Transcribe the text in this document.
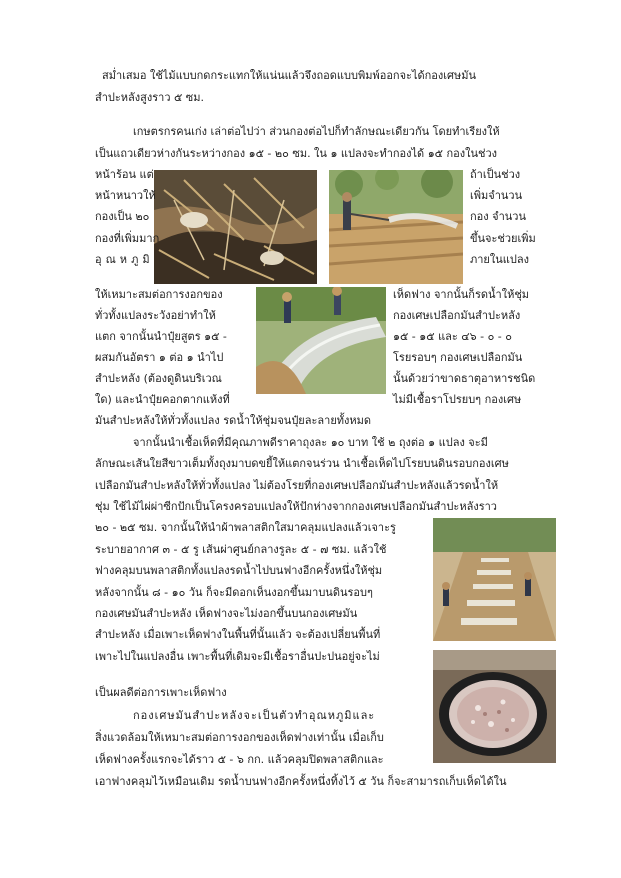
สม่ำเสมอ ใช้ไม้แบบกดกระแทกให้แน่นแล้วจึงถอดแบบพิมพ์ออกจะได้กองเศษมัน
สำปะหลังสูงราว ๕ ซม.
เกษตรกรคนเก่ง เล่าต่อไปว่า ส่วนกองต่อไปก็ทำลักษณะเดียวกัน โดยทำเรียงให้
เป็นแถวเดียวห่างกันระหว่างกอง ๑๕ - ๒๐ ซม. ใน ๑ แปลงจะทำกองได้ ๑๕ กองในช่วง
หน้าร้อน แต่	ถ้าเป็นช่วง
หน้าหนาวให้	เพิ่มจำนวน
กองเป็น ๒๐	กอง จำนวน
กองที่เพิ่มมาก	ขึ้นจะช่วยเพิ่ม
อุณหภูมิ	ภายในแปลง
ให้เหมาะสมต่อการงอกของ	เห็ดฟาง จากนั้นก็รดน้ำให้ชุ่ม
ทั่วทั้งแปลงระวังอย่าทำให้	กองเศษเปลือกมันสำปะหลัง
แตก จากนั้นนำปุ๋ยสูตร ๑๕ -	๑๕ - ๑๕ และ ๔๖ - ๐ - ๐
ผสมกันอัตรา ๑ ต่อ ๑ นำไป	โรยรอบๆ กองเศษเปลือกมัน
สำปะหลัง (ต้องดูดินบริเวณ	นั้นด้วยว่าขาดธาตุอาหารชนิด
ใด) และนำปุ๋ยคอกตากแห้งที่	ไม่มีเชื้อราโปรยบๆ กองเศษ
มันสำปะหลังให้ทั่วทั้งแปลง รดน้ำให้ชุ่มจนปุ๋ยละลายทั้งหมด
จากนั้นนำเชื้อเห็ดที่มีคุณภาพดีราคาถุงละ ๑๐ บาท ใช้ ๒ ถุงต่อ ๑ แปลง จะมี
ลักษณะเส้นใยสีขาวเต็มทั้งถุงมาบดขยี้ให้แตกจนร่วน นำเชื้อเห็ดไปโรยบนดินรอบกองเศษ
เปลือกมันสำปะหลังให้ทั่วทั้งแปลง ไม่ต้องโรยที่กองเศษเปลือกมันสำปะหลังแล้วรดน้ำให้
ชุ่ม ใช้ไม้ไผ่ผ่าซีกปักเป็นโครงครอบแปลงให้ปักห่างจากกองเศษเปลือกมันสำปะหลังราว
๒๐ - ๒๕ ซม. จากนั้นให้นำผ้าพลาสติกใสมาคลุมแปลงแล้วเจาะรู
ระบายอากาศ ๓ - ๕ รู เส้นผ่าศูนย์กลางรูละ ๕ - ๗ ซม. แล้วใช้
ฟางคลุมบนพลาสติกทั้งแปลงรดน้ำไปบนฟางอีกครั้งหนึ่งให้ชุ่ม
หลังจากนั้น ๘ - ๑๐ วัน ก็จะมีดอกเห็นงอกขึ้นมาบนดินรอบๆ
กองเศษมันสำปะหลัง เห็ดฟางจะไม่งอกขึ้นบนกองเศษมัน
สำปะหลัง เมื่อเพาะเห็ดฟางในพื้นที่นั้นแล้ว จะต้องเปลี่ยนพื้นที่
เพาะไปในแปลงอื่น เพาะพื้นที่เดิมจะมีเชื้อราอื่นปะปนอยู่จะไม่
เป็นผลดีต่อการเพาะเห็ดฟาง
กองเศษมันสำปะหลังจะเป็นตัวทำอุณหภูมิและ
สิ่งแวดล้อมให้เหมาะสมต่อการงอกของเห็ดฟางเท่านั้น เมื่อเก็บ
เห็ดฟางครั้งแรกจะได้ราว ๕ - ๖ กก. แล้วคลุมปิดพลาสติกและ
เอาฟางคลุมไว้เหมือนเดิม รดน้ำบนฟางอีกครั้งหนึ่งทิ้งไว้ ๕ วัน ก็จะสามารถเก็บเห็ดได้ใน
